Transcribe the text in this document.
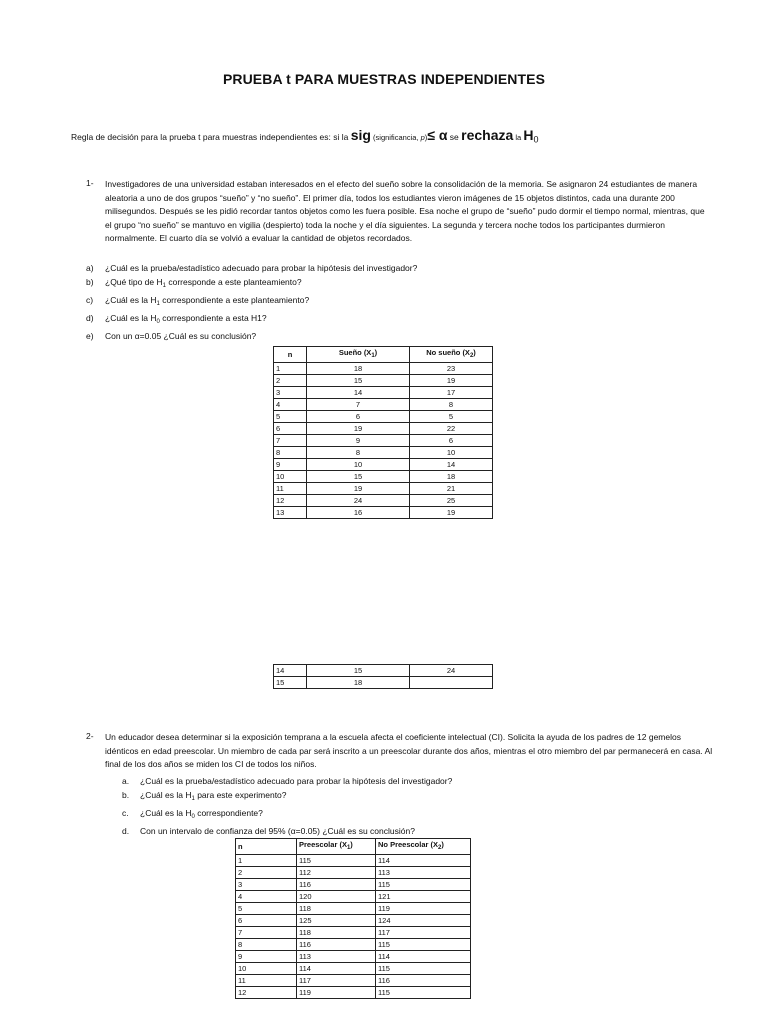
PRUEBA t PARA MUESTRAS INDEPENDIENTES
Regla de decisión para la prueba t para muestras independientes es: si la sig (significancia, p)≤ α se rechaza la $H_0$
1- Investigadores de una universidad estaban interesados en el efecto del sueño sobre la consolidación de la memoria. Se asignaron 24 estudiantes de manera aleatoria a uno de dos grupos “sueño” y “no sueño”. El primer día, todos los estudiantes vieron imágenes de 15 objetos distintos, cada una durante 200 milisegundos. Después se les pidió recordar tantos objetos como les fuera posible. Esa noche el grupo de “sueño” pudo dormir el tiempo normal, mientras, que el grupo “no sueño” se mantuvo en vigilia (despierto) toda la noche y el día siguientes. La segunda y tercera noche todos los participantes durmieron normalmente. El cuarto día se volvió a evaluar la cantidad de objetos recordados.
a)	¿Cuál es la prueba/estadístico adecuado para probar la hipótesis del investigador?
b)	¿Qué tipo de $H_1$ corresponde a este planteamiento?
c)	¿Cuál es la $H_1$ correspondiente a este planteamiento?
d)	¿Cuál es la $H_0$ correspondiente a esta H1?
e)	Con un α=0.05 ¿Cuál es su conclusión?
n	Sueño $(X_1)$	No sueño $(X_2)$
1	18	23
2	15	19
3	14	17
4	7	8
5	6	5
6	19	22
7	9	6
8	8	10
9	10	14
10	15	18
11	19	21
12	24	25
13	16	19
14	15	24
15	18	
2- Un educador desea determinar si la exposición temprana a la escuela afecta el coeficiente intelectual (CI). Solicita la ayuda de los padres de 12 gemelos idénticos en edad preescolar. Un miembro de cada par será inscrito a un preescolar durante dos años, mientras el otro miembro del par permanecerá en casa. Al final de los dos años se miden los CI de todos los niños.
a.	¿Cuál es la prueba/estadístico adecuado para probar la hipótesis del investigador?
b.	¿Cuál es la $H_1$ para este experimento?
c.	¿Cuál es la $H_0$ correspondiente?
d.	Con un intervalo de confianza del 95% (α=0.05) ¿Cuál es su conclusión?
n	Preescolar $(X_1)$	No Preescolar $(X_2)$
1	115	114
2	112	113
3	116	115
4	120	121
5	118	119
6	125	124
7	118	117
8	116	115
9	113	114
10	114	115
11	117	116
12	119	115
